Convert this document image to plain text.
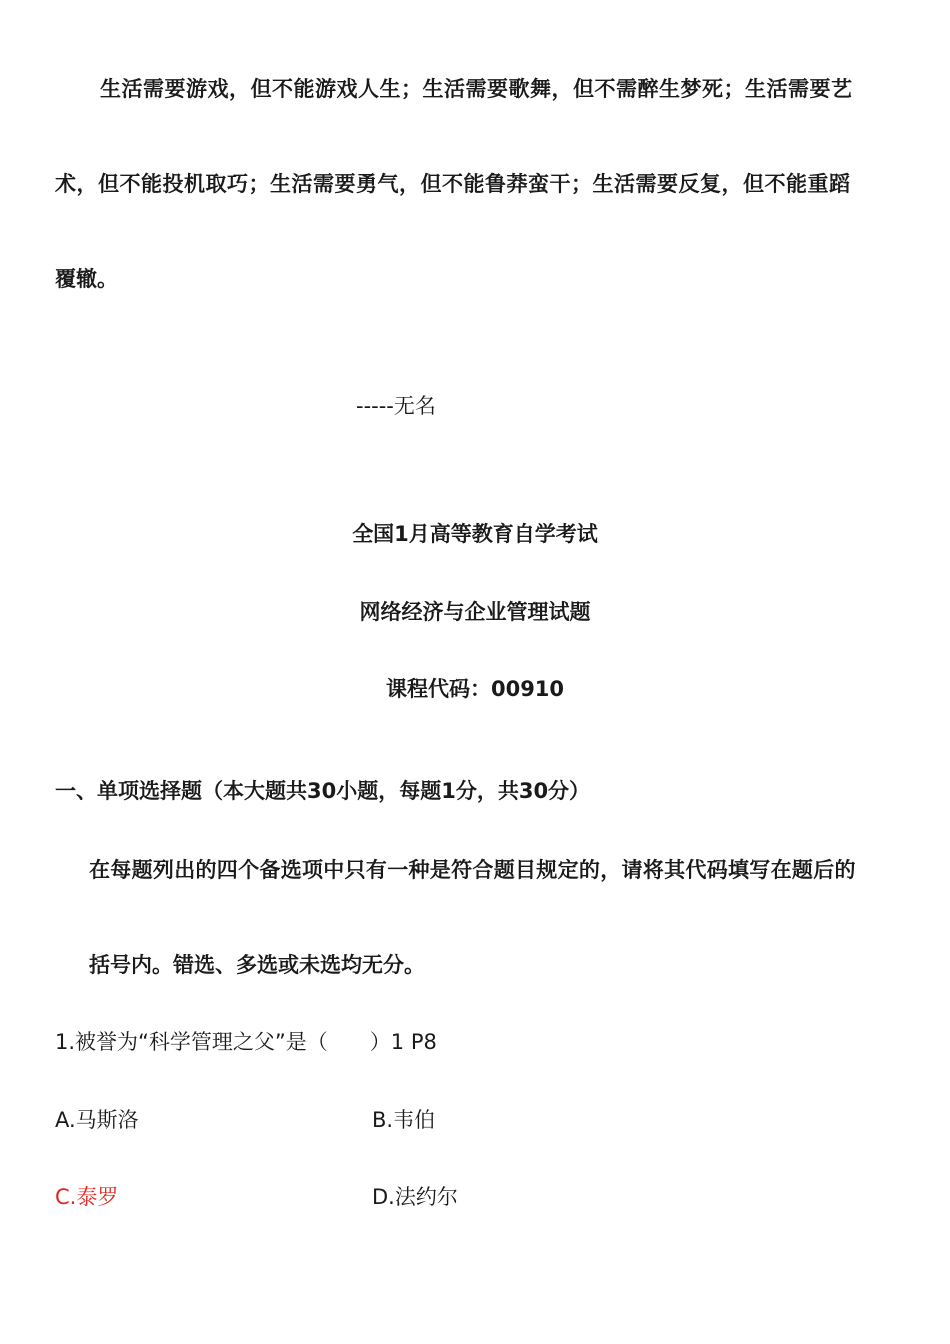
生活需要游戏，但不能游戏人生；生活需要歌舞，但不需醉生梦死；生活需要艺
术，但不能投机取巧；生活需要勇气，但不能鲁莽蛮干；生活需要反复，但不能重蹈
覆辙。
-----无名
全国1月高等教育自学考试
网络经济与企业管理试题
课程代码：00910
一、单项选择题（本大题共30小题，每题1分，共30分）
在每题列出的四个备选项中只有一种是符合题目规定的，请将其代码填写在题后的
括号内。错选、多选或未选均无分。
1.被誉为“科学管理之父”是（　　）1 P8
A.马斯洛	B.韦伯
C.泰罗	D.法约尔
